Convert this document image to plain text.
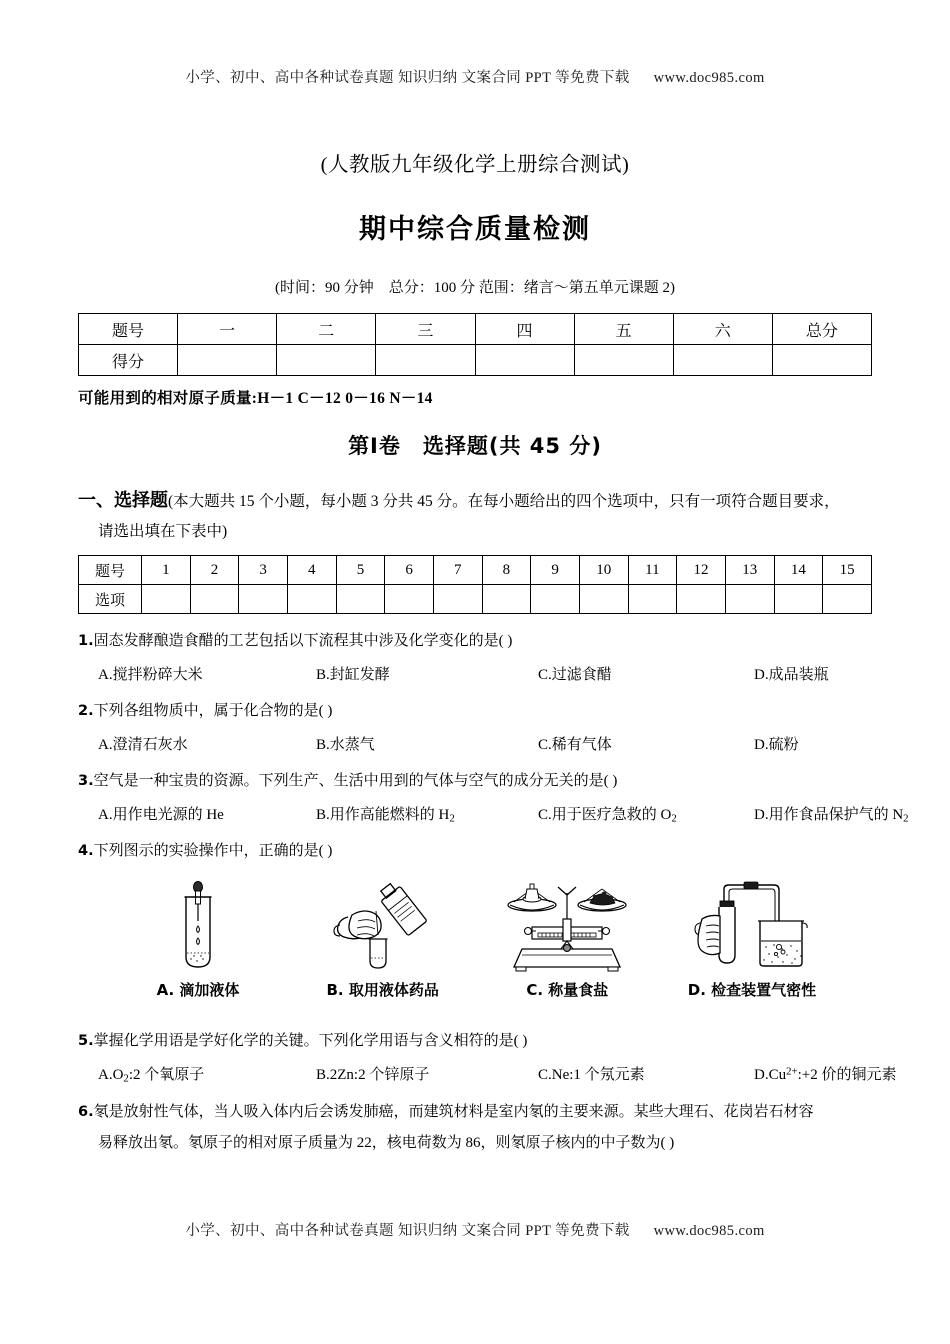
小学、初中、高中各种试卷真题 知识归纳 文案合同 PPT 等免费下载 www.doc985.com
(人教版九年级化学上册综合测试)
期中综合质量检测
(时间：90 分钟　总分：100 分 范围：绪言～第五单元课题 2)
题号	一	二	三	四	五	六	总分
得分							
可能用到的相对原子质量:H－1 C－12 0－16 N－14
第Ⅰ卷　选择题(共 45 分)
一、选择题(本大题共 15 个小题，每小题 3 分共 45 分。在每小题给出的四个选项中，只有一项符合题目要求，
请选出填在下表中)
题号	1	2	3	4	5	6	7	8	9	10	11	12	13	14	15
选项															
1.固态发酵酿造食醋的工艺包括以下流程其中涉及化学变化的是( )
A.搅拌粉碎大米	B.封缸发酵	C.过滤食醋	D.成品装瓶
2.下列各组物质中，属于化合物的是( )
A.澄清石灰水	B.水蒸气	C.稀有气体	D.硫粉
3.空气是一种宝贵的资源。下列生产、生活中用到的气体与空气的成分无关的是( )
A.用作电光源的 He	B.用作高能燃料的 $H_2$	C.用于医疗急救的 $O_2$	D.用作食品保护气的 $N_2$
4.下列图示的实验操作中，正确的是( )
A. 滴加液体	B. 取用液体药品	C. 称量食盐	D. 检查装置气密性
5.掌握化学用语是学好化学的关键。下列化学用语与含义相符的是( )
$A.O_2:2$ 个氧原子	B.2Zn:2 个锌原子	C.Ne:1 个氖元素	$D.Cu^{2+}:+2$ 价的铜元素
6.氡是放射性气体，当人吸入体内后会诱发肺癌，而建筑材料是室内氡的主要来源。某些大理石、花岗岩石材容
易释放出氡。氡原子的相对原子质量为 22，核电荷数为 86，则氡原子核内的中子数为( )
小学、初中、高中各种试卷真题 知识归纳 文案合同 PPT 等免费下载 www.doc985.com
